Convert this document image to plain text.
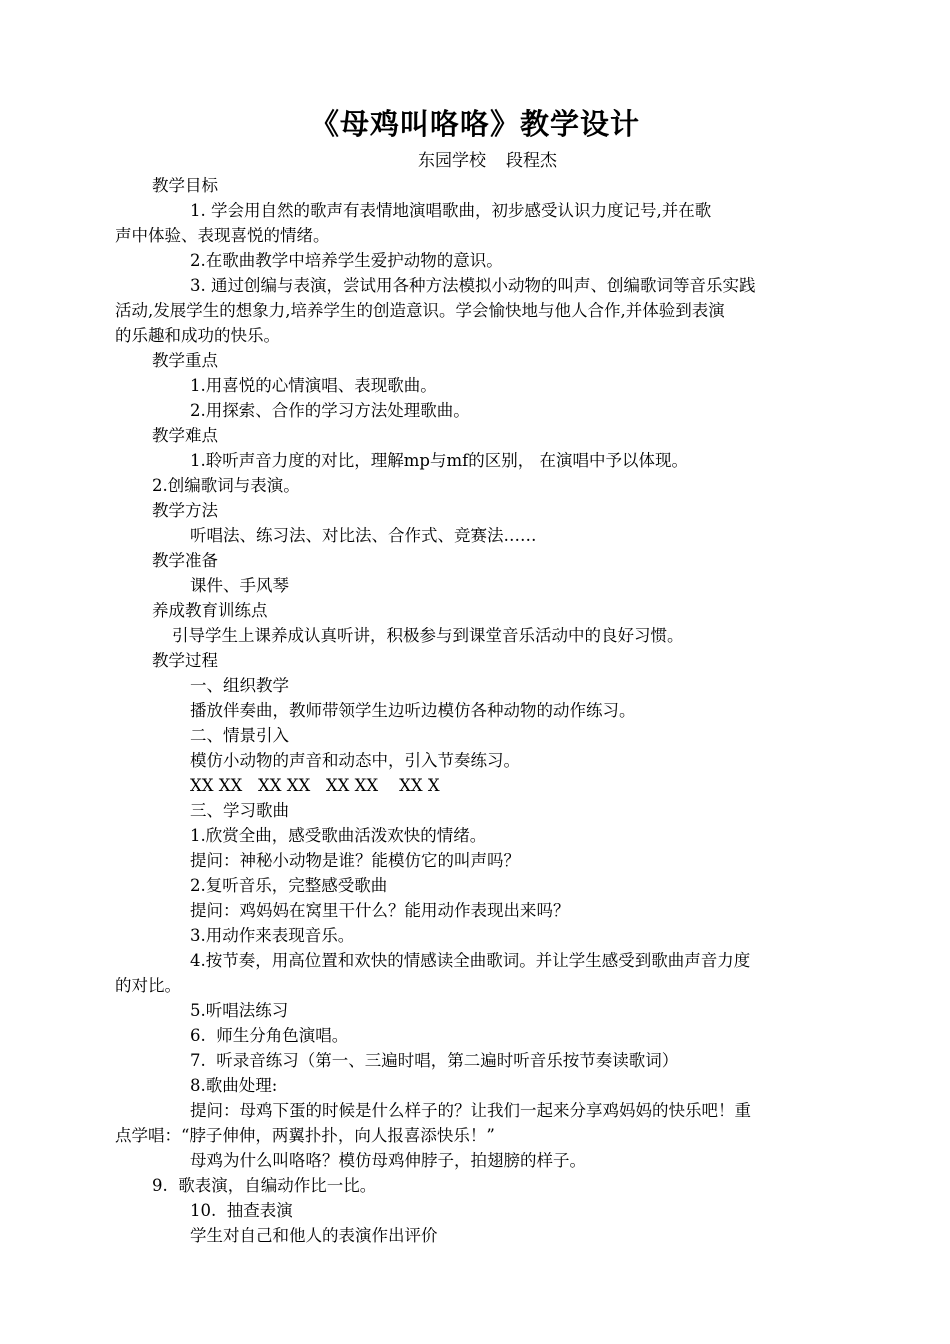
《母鸡叫咯咯》教学设计
东园学校 段程杰
教学目标
1. 学会用自然的歌声有表情地演唱歌曲，初步感受认识力度记号,并在歌
声中体验、表现喜悦的情绪。
2.在歌曲教学中培养学生爱护动物的意识。
3. 通过创编与表演，尝试用各种方法模拟小动物的叫声、创编歌词等音乐实践
活动,发展学生的想象力,培养学生的创造意识。学会愉快地与他人合作,并体验到表演
的乐趣和成功的快乐。
教学重点
1.用喜悦的心情演唱、表现歌曲。
2.用探索、合作的学习方法处理歌曲。
教学难点
1.聆听声音力度的对比，理解mp与mf的区别， 在演唱中予以体现。
2.创编歌词与表演。
教学方法
听唱法、练习法、对比法、合作式、竞赛法……
教学准备
课件、手风琴
养成教育训练点
引导学生上课养成认真听讲，积极参与到课堂音乐活动中的良好习惯。
教学过程
一、组织教学
播放伴奏曲，教师带领学生边听边模仿各种动物的动作练习。
二、情景引入
模仿小动物的声音和动态中，引入节奏练习。
XX XX   XX XX   XX XX    XX X
三、学习歌曲
1.欣赏全曲，感受歌曲活泼欢快的情绪。
提问：神秘小动物是谁？能模仿它的叫声吗？
2.复听音乐，完整感受歌曲
提问：鸡妈妈在窝里干什么？能用动作表现出来吗？
3.用动作来表现音乐。
4.按节奏，用高位置和欢快的情感读全曲歌词。并让学生感受到歌曲声音力度
的对比。
5.听唱法练习
6.  师生分角色演唱。
7.  听录音练习（第一、三遍时唱，第二遍时听音乐按节奏读歌词）
8.歌曲处理:
提问：母鸡下蛋的时候是什么样子的？让我们一起来分享鸡妈妈的快乐吧！重
点学唱：“脖子伸伸，两翼扑扑，向人报喜添快乐！”
母鸡为什么叫咯咯？模仿母鸡伸脖子，拍翅膀的样子。
9.  歌表演，自编动作比一比。
10.  抽查表演
学生对自己和他人的表演作出评价
